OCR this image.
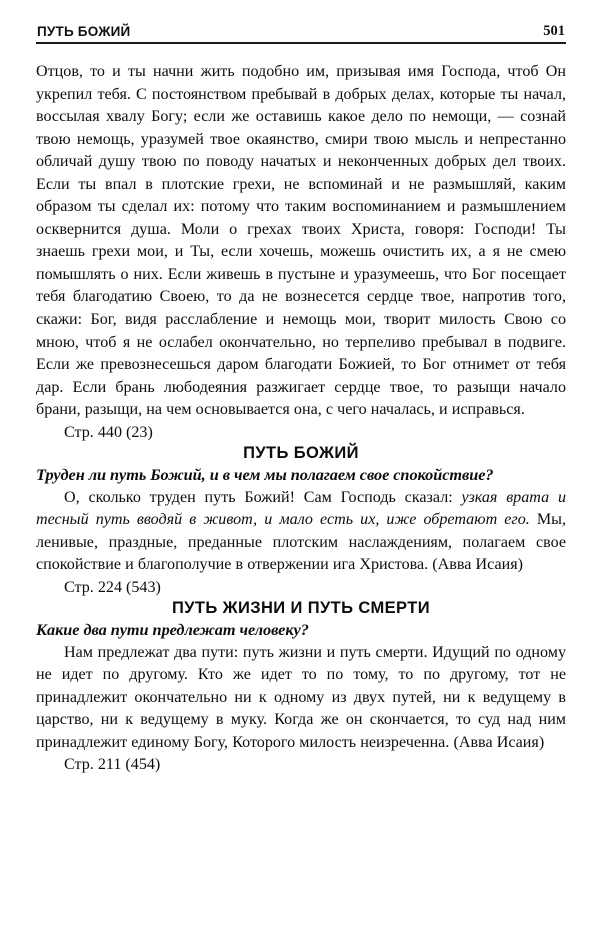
ПУТЬ БОЖИЙ	501

Отцов, то и ты начни жить подобно им, призывая имя Господа, чтоб Он укрепил тебя. С постоянством пребывай в добрых делах, которые ты начал, воссылая хвалу Богу; если же оставишь какое дело по немощи, — сознай твою немощь, уразумей твое окаянство, смири твою мысль и непрестанно обличай душу твою по поводу начатых и неконченных добрых дел твоих. Если ты впал в плотские грехи, не вспоминай и не размышляй, каким образом ты сделал их: потому что таким воспоминанием и размышлением осквернится душа. Моли о грехах твоих Христа, говоря: Господи! Ты знаешь грехи мои, и Ты, если хочешь, можешь очистить их, а я не смею помышлять о них. Если живешь в пустыне и уразумеешь, что Бог посещает тебя благодатию Своею, то да не вознесется сердце твое, напротив того, скажи: Бог, видя расслабление и немощь мои, творит милость Свою со мною, чтоб я не ослабел окончательно, но терпеливо пребывал в подвиге. Если же превознесешься даром благодати Божией, то Бог отнимет от тебя дар. Если брань любодеяния разжигает сердце твое, то разыщи начало брани, разыщи, на чем основывается она, с чего началась, и исправься.

Стр. 440 (23)

ПУТЬ БОЖИЙ
Труден ли путь Божий, и в чем мы полагаем свое спокойствие?

О, сколько труден путь Божий! Сам Господь сказал: узкая врата и тесный путь вводяй в живот, и мало есть их, иже обретают его. Мы, ленивые, праздные, преданные плотским наслаждениям, полагаем свое спокойствие и благополучие в отвержении ига Христова. (Авва Исаия)

Стр. 224 (543)

ПУТЬ ЖИЗНИ И ПУТЬ СМЕРТИ
Какие два пути предлежат человеку?

Нам предлежат два пути: путь жизни и путь смерти. Идущий по одному не идет по другому. Кто же идет то по тому, то по другому, тот не принадлежит окончательно ни к одному из двух путей, ни к ведущему в царство, ни к ведущему в муку. Когда же он скончается, то суд над ним принадлежит единому Богу, Которого милость неизреченна. (Авва Исаия)

Стр. 211 (454)
